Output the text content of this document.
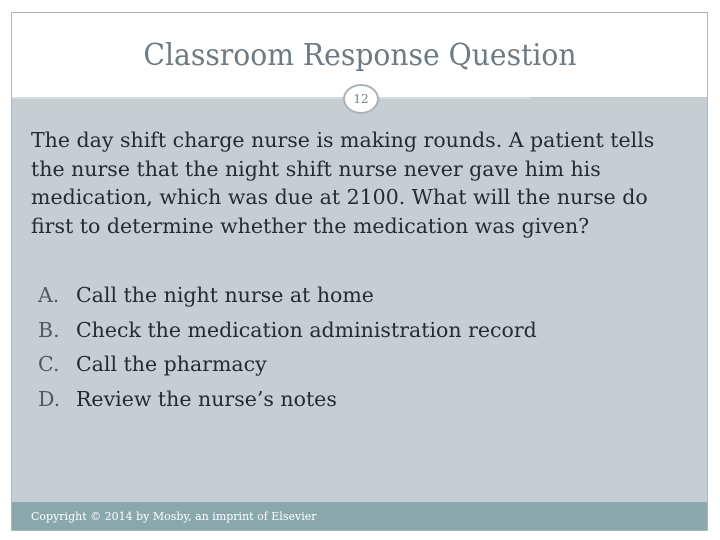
Classroom Response Question
12

The day shift charge nurse is making rounds. A patient tells the nurse that the night shift nurse never gave him his medication, which was due at 2100. What will the nurse do first to determine whether the medication was given?

A. Call the night nurse at home
B. Check the medication administration record
C. Call the pharmacy
D. Review the nurse’s notes
Copyright © 2014 by Mosby, an imprint of Elsevier
